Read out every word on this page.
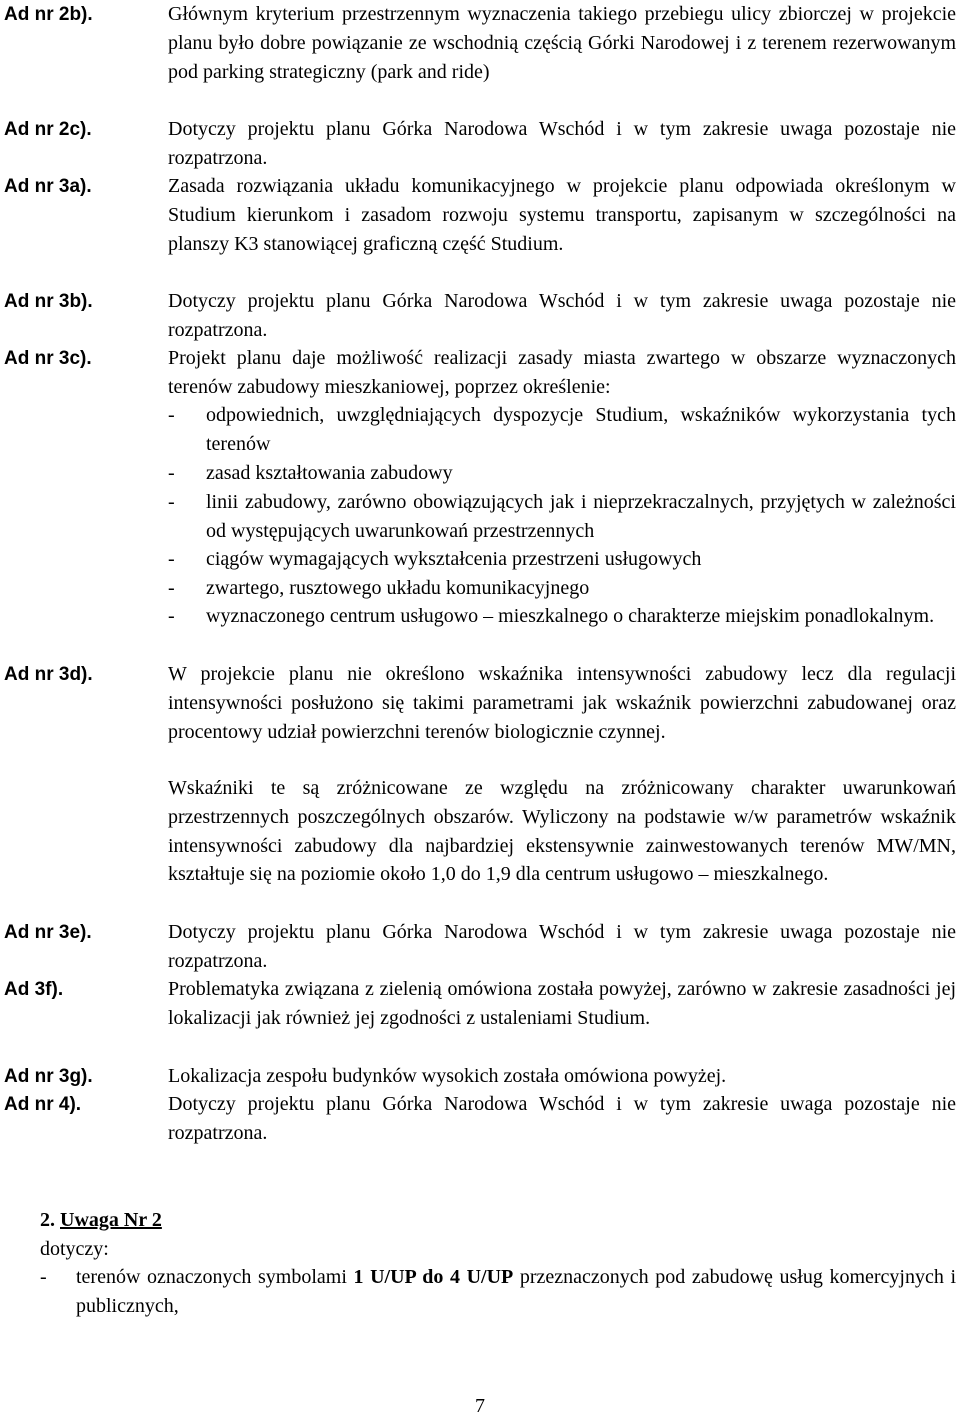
Ad nr 2b).
Ad nr 2c).
Ad nr 3a).
Ad nr 3b).
Ad nr 3c).
Ad nr 3d).
Ad nr 3e).
Ad 3f).
Ad nr 3g).
Ad nr 4).
Głównym kryterium przestrzennym wyznaczenia takiego przebiegu ulicy zbiorczej w projekcie planu było dobre powiązanie ze wschodnią częścią Górki Narodowej i z terenem rezerwowanym pod parking strategiczny (park and ride)
Dotyczy projektu planu Górka Narodowa Wschód i w tym zakresie uwaga pozostaje nie rozpatrzona.
Zasada rozwiązania układu komunikacyjnego w projekcie planu odpowiada określonym w Studium kierunkom i zasadom rozwoju systemu transportu, zapisanym w szczególności na planszy K3 stanowiącej graficzną część Studium.
Dotyczy projektu planu Górka Narodowa Wschód i w tym zakresie uwaga pozostaje nie rozpatrzona.
Projekt planu daje możliwość realizacji zasady miasta zwartego w obszarze wyznaczonych terenów zabudowy mieszkaniowej, poprzez określenie:
- odpowiednich, uwzględniających dyspozycje Studium, wskaźników wykorzystania tych terenów
- zasad kształtowania zabudowy
- linii zabudowy, zarówno obowiązujących jak i nieprzekraczalnych, przyjętych w zależności od występujących uwarunkowań przestrzennych
- ciągów wymagających wykształcenia przestrzeni usługowych
- zwartego, rusztowego układu komunikacyjnego
- wyznaczonego centrum usługowo – mieszkalnego o charakterze miejskim ponadlokalnym.
W projekcie planu nie określono wskaźnika intensywności zabudowy lecz dla regulacji intensywności posłużono się takimi parametrami jak wskaźnik powierzchni zabudowanej oraz procentowy udział powierzchni terenów biologicznie czynnej.
Wskaźniki te są zróżnicowane ze względu na zróżnicowany charakter uwarunkowań przestrzennych poszczególnych obszarów. Wyliczony na podstawie w/w parametrów wskaźnik intensywności zabudowy dla najbardziej ekstensywnie zainwestowanych terenów MW/MN, kształtuje się na poziomie około 1,0 do 1,9 dla centrum usługowo – mieszkalnego.
Dotyczy projektu planu Górka Narodowa Wschód i w tym zakresie uwaga pozostaje nie rozpatrzona.
Problematyka związana z zielenią omówiona została powyżej, zarówno w zakresie zasadności jej lokalizacji jak również jej zgodności z ustaleniami Studium.
Lokalizacja zespołu budynków wysokich została omówiona powyżej.
Dotyczy projektu planu Górka Narodowa Wschód i w tym zakresie uwaga pozostaje nie rozpatrzona.
2. Uwaga Nr 2
dotyczy:
- terenów oznaczonych symbolami 1 U/UP do 4 U/UP przeznaczonych pod zabudowę usług komercyjnych i publicznych,
7
